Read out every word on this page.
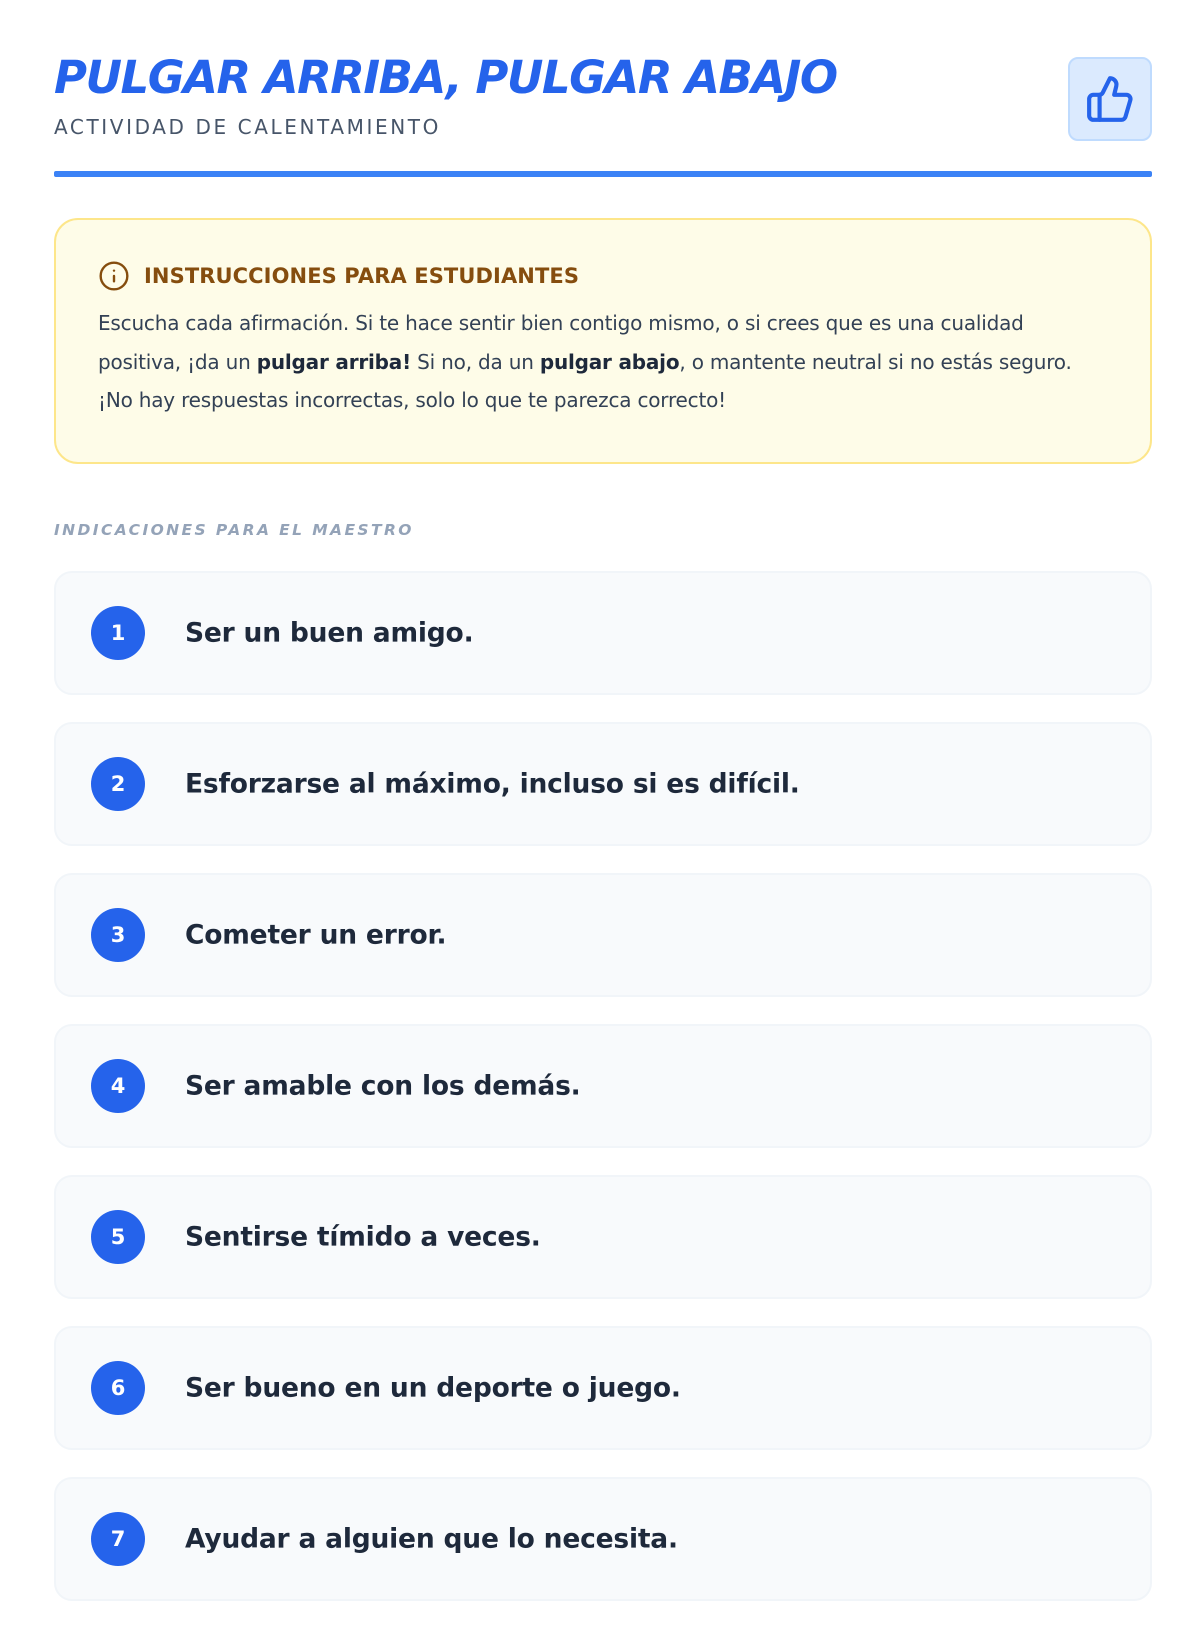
PULGAR ARRIBA, PULGAR ABAJO
ACTIVIDAD DE CALENTAMIENTO
INSTRUCCIONES PARA ESTUDIANTES
Escucha cada afirmación. Si te hace sentir bien contigo mismo, o si crees que es una cualidad positiva, ¡da un pulgar arriba! Si no, da un pulgar abajo, o mantente neutral si no estás seguro. ¡No hay respuestas incorrectas, solo lo que te parezca correcto!
INDICACIONES PARA EL MAESTRO
1	Ser un buen amigo.
2	Esforzarse al máximo, incluso si es difícil.
3	Cometer un error.
4	Ser amable con los demás.
5	Sentirse tímido a veces.
6	Ser bueno en un deporte o juego.
7	Ayudar a alguien que lo necesita.
